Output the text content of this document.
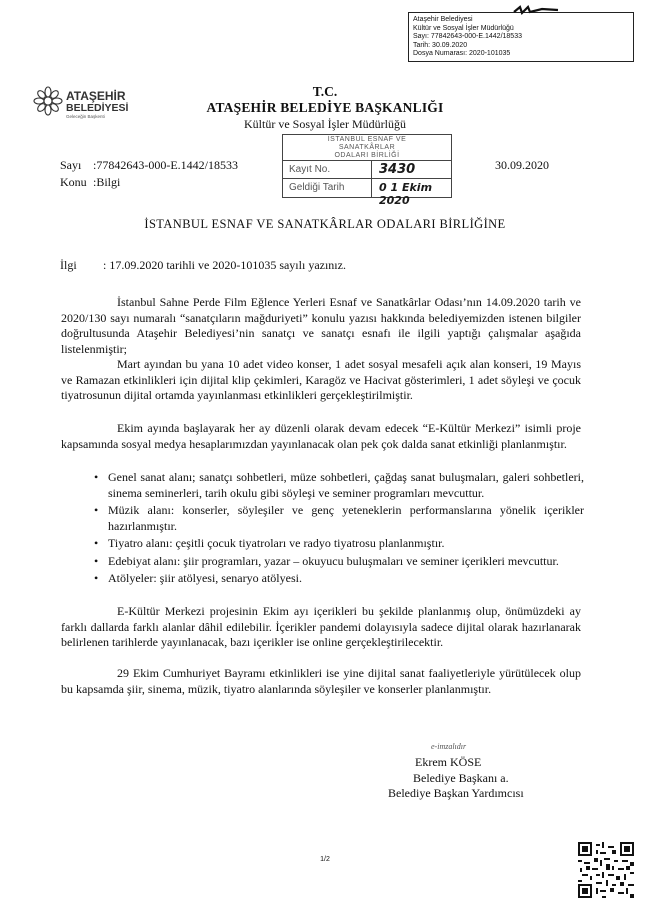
Ataşehir Belediyesi
Kültür ve Sosyal İşler Müdürlüğü
Sayı: 77842643-000-E.1442/18533
Tarih: 30.09.2020
Dosya Numarası: 2020-101035
ATAŞEHİR
BELEDİYESİ
Geleceğin Başkenti
T.C.
ATAŞEHİR BELEDİYE BAŞKANLIĞI
Kültür ve Sosyal İşler Müdürlüğü
İSTANBUL ESNAF VE
SANATKÂRLAR
ODALARI BİRLİĞİ
Kayıt No.	3430
Geldiği Tarih	0 1 Ekim 2020
Sayı :77842643-000-E.1442/18533
Konu :Bilgi
30.09.2020
İSTANBUL ESNAF VE SANATKÂRLAR ODALARI BİRLİĞİNE
İlgi : 17.09.2020 tarihli ve 2020-101035 sayılı yazınız.
İstanbul Sahne Perde Film Eğlence Yerleri Esnaf ve Sanatkârlar Odası’nın 14.09.2020 tarih ve 2020/130 sayı numaralı “sanatçıların mağduriyeti” konulu yazısı hakkında belediyemizden istenen bilgiler doğrultusunda Ataşehir Belediyesi’nin sanatçı ve sanatçı esnafı ile ilgili yaptığı çalışmalar aşağıda listelenmiştir;
Mart ayından bu yana 10 adet video konser, 1 adet sosyal mesafeli açık alan konseri, 19 Mayıs ve Ramazan etkinlikleri için dijital klip çekimleri, Karagöz ve Hacivat gösterimleri, 1 adet söyleşi ve çocuk tiyatrosunun dijital ortamda yayınlanması etkinlikleri gerçekleştirilmiştir.
Ekim ayında başlayarak her ay düzenli olarak devam edecek “E-Kültür Merkezi” isimli proje kapsamında sosyal medya hesaplarımızdan yayınlanacak olan pek çok dalda sanat etkinliği planlanmıştır.
• Genel sanat alanı; sanatçı sohbetleri, müze sohbetleri, çağdaş sanat buluşmaları, galeri sohbetleri, sinema seminerleri, tarih okulu gibi söyleşi ve seminer programları mevcuttur.
• Müzik alanı: konserler, söyleşiler ve genç yeteneklerin performanslarına yönelik içerikler hazırlanmıştır.
• Tiyatro alanı: çeşitli çocuk tiyatroları ve radyo tiyatrosu planlanmıştır.
• Edebiyat alanı: şiir programları, yazar – okuyucu buluşmaları ve seminer içerikleri mevcuttur.
• Atölyeler: şiir atölyesi, senaryo atölyesi.
E-Kültür Merkezi projesinin Ekim ayı içerikleri bu şekilde planlanmış olup, önümüzdeki ay farklı dallarda farklı alanlar dâhil edilebilir. İçerikler pandemi dolayısıyla sadece dijital olarak hazırlanarak belirlenen tarihlerde yayınlanacak, bazı içerikler ise online gerçekleştirilecektir.
29 Ekim Cumhuriyet Bayramı etkinlikleri ise yine dijital sanat faaliyetleriyle yürütülecek olup bu kapsamda şiir, sinema, müzik, tiyatro alanlarında söyleşiler ve konserler planlanmıştır.
e-imzalıdır
Ekrem KÖSE
Belediye Başkanı a.
Belediye Başkan Yardımcısı
1/2
